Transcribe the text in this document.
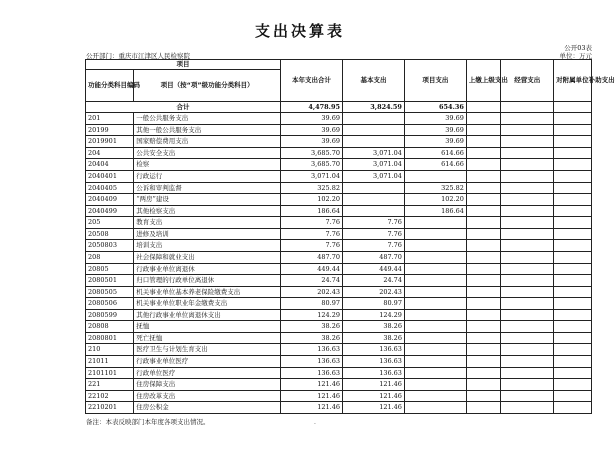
支出决算表
公开03表
公开部门：重庆市江津区人民检察院	单位：万元
项目		本年支出合计	基本支出	项目支出	上缴上级支出	经营支出	对附属单位补助支出
功能分类科目编码	项目（按“项”级功能分类科目）						
合计		4,478.95	3,824.59	654.36			
201	一般公共服务支出	39.69		39.69			
20199	其他一般公共服务支出	39.69		39.69			
2019901	国家赔偿费用支出	39.69		39.69			
204	公共安全支出	3,685.70	3,071.04	614.66			
20404	检察	3,685.70	3,071.04	614.66			
2040401	行政运行	3,071.04	3,071.04				
2040405	公诉和审判监督	325.82		325.82			
2040409	“两房”建设	102.20		102.20			
2040499	其他检察支出	186.64		186.64			
205	教育支出	7.76	7.76				
20508	进修及培训	7.76	7.76				
2050803	培训支出	7.76	7.76				
208	社会保障和就业支出	487.70	487.70				
20805	行政事业单位离退休	449.44	449.44				
2080501	归口管理的行政单位离退休	24.74	24.74				
2080505	机关事业单位基本养老保险缴费支出	202.43	202.43				
2080506	机关事业单位职业年金缴费支出	80.97	80.97				
2080599	其他行政事业单位离退休支出	124.29	124.29				
20808	抚恤	38.26	38.26				
2080801	死亡抚恤	38.26	38.26				
210	医疗卫生与计划生育支出	136.63	136.63				
21011	行政事业单位医疗	136.63	136.63				
2101101	行政单位医疗	136.63	136.63				
221	住房保障支出	121.46	121.46				
22102	住房改革支出	121.46	121.46				
2210201	住房公积金	121.46	121.46				
备注：本表反映部门本年度各项支出情况。	.
